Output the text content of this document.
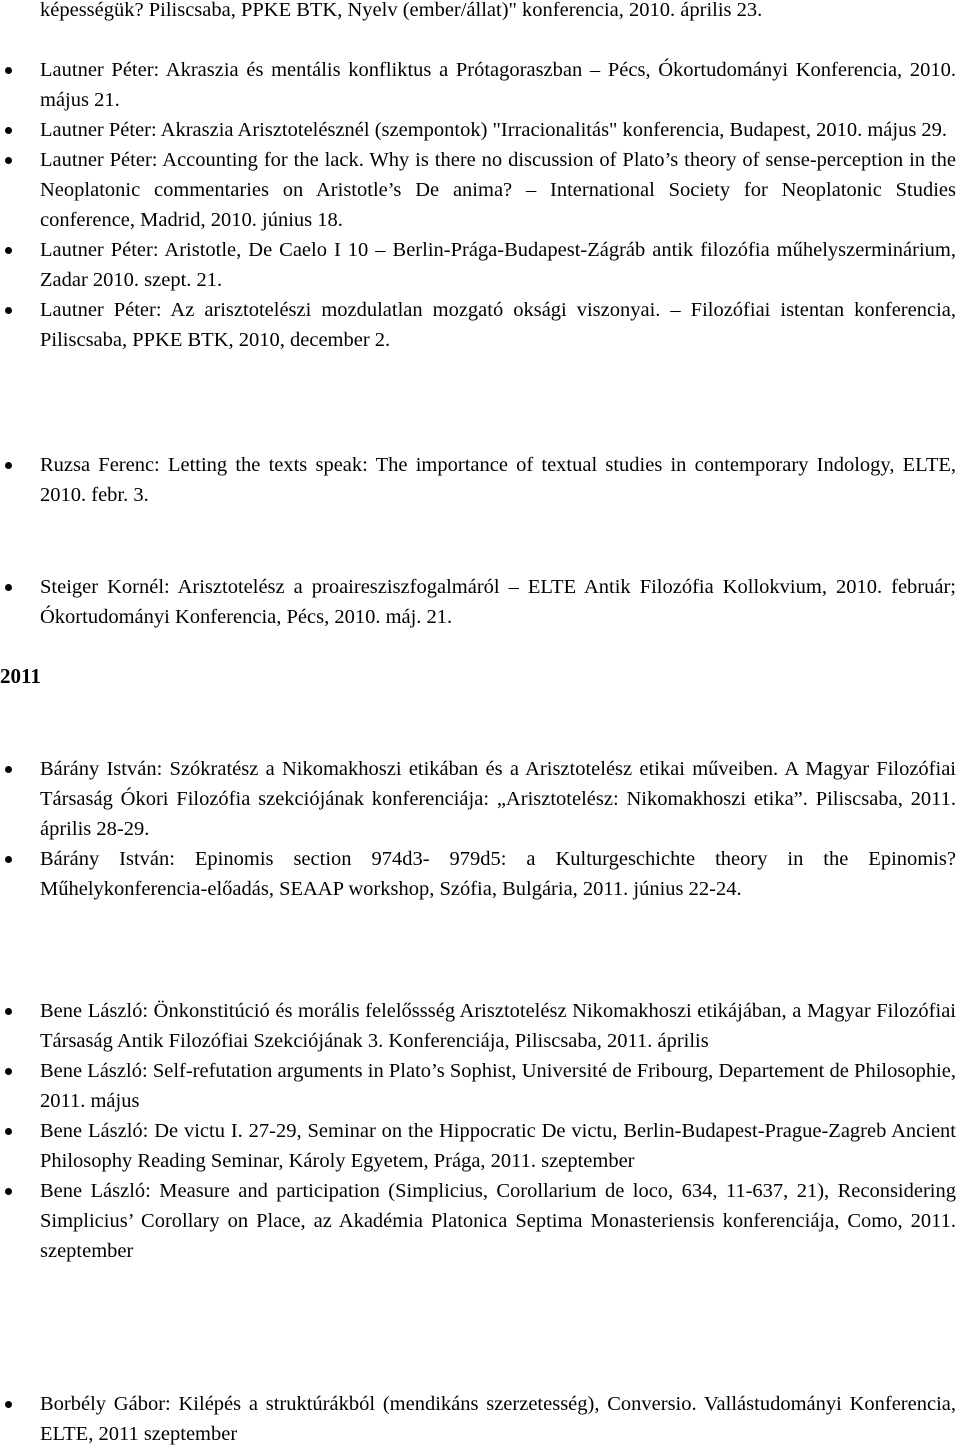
képességük? Piliscsaba, PPKE BTK, Nyelv (ember/állat)" konferencia, 2010. április 23.

Lautner Péter: Akraszia és mentális konfliktus a Prótagoraszban – Pécs, Ókortudományi Konferencia, 2010. május 21.
Lautner Péter: Akraszia Arisztotelésznél (szempontok) "Irracionalitás" konferencia, Budapest, 2010. május 29.
Lautner Péter: Accounting for the lack. Why is there no discussion of Plato’s theory of sense-perception in the Neoplatonic commentaries on Aristotle’s De anima? – International Society for Neoplatonic Studies conference, Madrid, 2010. június 18.
Lautner Péter: Aristotle, De Caelo I 10 – Berlin-Prága-Budapest-Zágráb antik filozófia műhelyszerminárium, Zadar 2010. szept. 21.
Lautner Péter: Az arisztotelészi mozdulatlan mozgató oksági viszonyai. – Filozófiai istentan konferencia, Piliscsaba, PPKE BTK, 2010, december 2.
Ruzsa Ferenc: Letting the texts speak: The importance of textual studies in contemporary Indology, ELTE, 2010. febr. 3.
Steiger Kornél: Arisztotelész a proairesziszfogalmáról – ELTE Antik Filozófia Kollokvium, 2010. február; Ókortudományi Konferencia, Pécs, 2010. máj. 21.

2011

Bárány István: Szókratész a Nikomakhoszi etikában és a Arisztotelész etikai műveiben. A Magyar Filozófiai Társaság Ókori Filozófia szekciójának konferenciája: „Arisztotelész: Nikomakhoszi etika”. Piliscsaba, 2011. április 28-29.
Bárány István: Epinomis section 974d3- 979d5: a Kulturgeschichte theory in the Epinomis? Műhelykonferencia-előadás, SEAAP workshop, Szófia, Bulgária, 2011. június 22-24.
Bene László: Önkonstitúció és morális felelőssség Arisztotelész Nikomakhoszi etikájában, a Magyar Filozófiai Társaság Antik Filozófiai Szekciójának 3. Konferenciája, Piliscsaba, 2011. április
Bene László: Self-refutation arguments in Plato’s Sophist, Université de Fribourg, Departement de Philosophie, 2011. május
Bene László: De victu I. 27-29, Seminar on the Hippocratic De victu, Berlin-Budapest-Prague-Zagreb Ancient Philosophy Reading Seminar, Károly Egyetem, Prága, 2011. szeptember
Bene László: Measure and participation (Simplicius, Corollarium de loco, 634, 11-637, 21), Reconsidering Simplicius’ Corollary on Place, az Akadémia Platonica Septima Monasteriensis konferenciája, Como, 2011. szeptember
Borbély Gábor: Kilépés a struktúrákból (mendikáns szerzetesség), Conversio. Vallástudományi Konferencia, ELTE, 2011 szeptember
